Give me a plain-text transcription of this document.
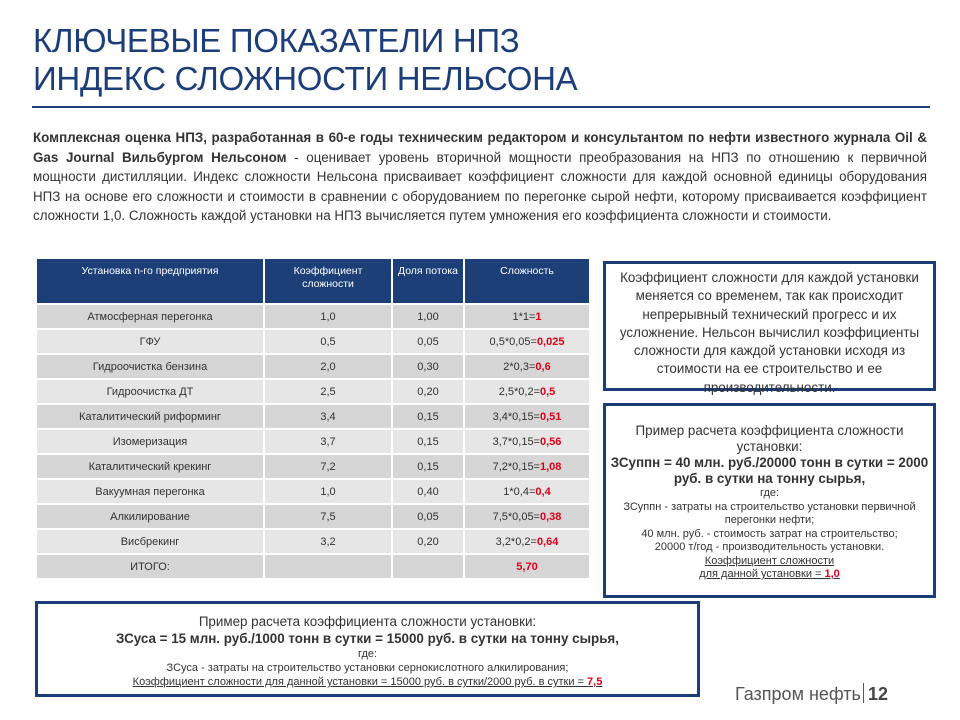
КЛЮЧЕВЫЕ ПОКАЗАТЕЛИ НПЗ
ИНДЕКС СЛОЖНОСТИ НЕЛЬСОНА
Комплексная оценка НПЗ, разработанная в 60-е годы техническим редактором и консультантом по нефти известного журнала Oil & Gas Journal Вильбургом Нельсоном - оценивает уровень вторичной мощности преобразования на НПЗ по отношению к первичной мощности дистилляции. Индекс сложности Нельсона присваивает коэффициент сложности для каждой основной единицы оборудования НПЗ на основе его сложности и стоимости в сравнении с оборудованием по перегонке сырой нефти, которому присваивается коэффициент сложности 1,0. Сложность каждой установки на НПЗ вычисляется путем умножения его коэффициента сложности и стоимости.
Установка n-го предприятия	Коэффициент сложности	Доля потока	Сложность
Атмосферная перегонка	1,0	1,00	1*1=1
ГФУ	0,5	0,05	0,5*0,05=0,025
Гидроочистка бензина	2,0	0,30	2*0,3=0,6
Гидроочистка ДТ	2,5	0,20	2,5*0,2=0,5
Каталитический риформинг	3,4	0,15	3,4*0,15=0,51
Изомеризация	3,7	0,15	3,7*0,15=0,56
Каталитический крекинг	7,2	0,15	7,2*0,15=1,08
Вакуумная перегонка	1,0	0,40	1*0,4=0,4
Алкилирование	7,5	0,05	7,5*0,05=0,38
Висбрекинг	3,2	0,20	3,2*0,2=0,64
ИТОГО:			5,70
Коэффициент сложности для каждой установки меняется со временем, так как происходит непрерывный технический прогресс и их усложнение. Нельсон вычислил коэффициенты сложности для каждой установки исходя из стоимости на ее строительство и ее производительности.
Пример расчета коэффициента сложности установки:
ЗСуппн = 40 млн. руб./20000 тонн в сутки = 2000 руб. в сутки на тонну сырья,
где:
ЗСуппн - затраты на строительство установки первичной перегонки нефти;
40 млн. руб. - стоимость затрат на строительство;
20000 т/год - производительность установки.
Коэффициент сложности
для данной установки = 1,0
Пример расчета коэффициента сложности установки:
ЗСуса = 15 млн. руб./1000 тонн в сутки = 15000 руб. в сутки на тонну сырья,
где:
ЗСуса - затраты на строительство установки сернокислотного алкилирования;
Коэффициент сложности для данной установки = 15000 руб. в сутки/2000 руб. в сутки = 7,5
Газпром нефть 12
